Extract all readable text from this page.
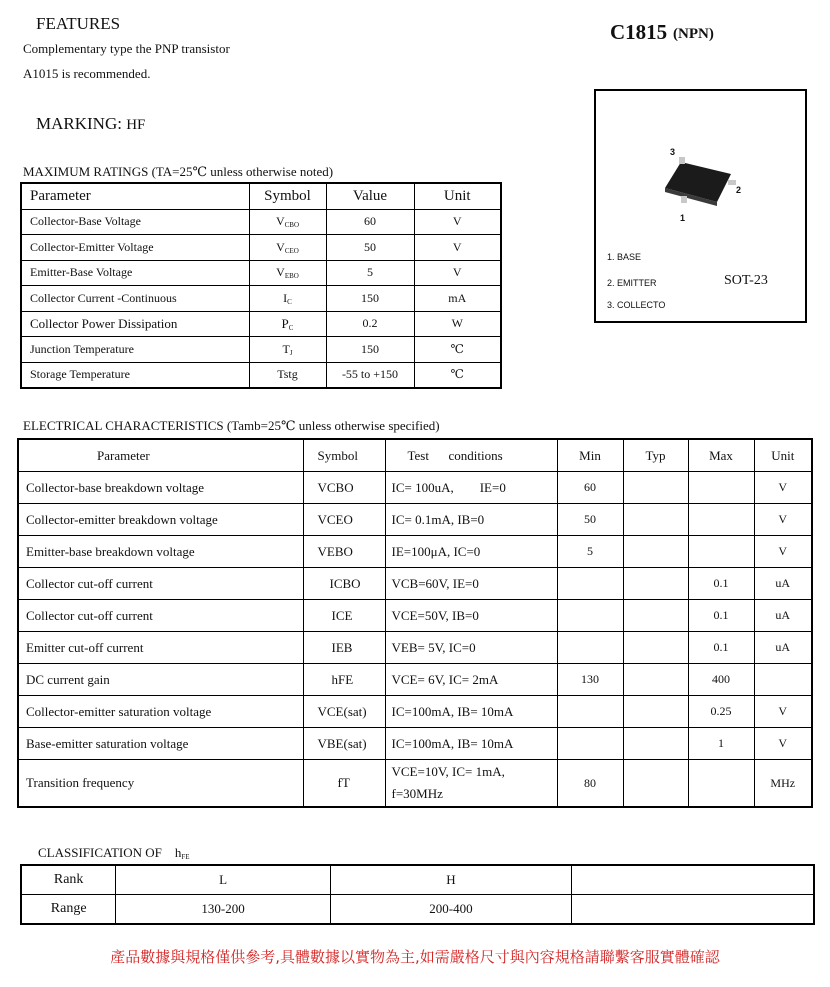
FEATURES
Complementary type the PNP transistor
A1015 is recommended.
C1815 (NPN)
MARKING: HF
3
2
1
1. BASE
2. EMITTER
3. COLLECTO
SOT-23
MAXIMUM RATINGS (TA=25℃ unless otherwise noted)
Parameter	Symbol	Value	Unit
Collector-Base Voltage	$V_{CBO}$	60	V
Collector-Emitter Voltage	$V_{CEO}$	50	V
Emitter-Base Voltage	$V_{EBO}$	5	V
Collector Current -Continuous	$I_C$	150	mA
Collector Power Dissipation	$P_C$	0.2	W
Junction Temperature	$T_J$	150	℃
Storage Temperature	Tstg	-55 to +150	℃
ELECTRICAL CHARACTERISTICS (Tamb=25℃ unless otherwise specified)
Parameter	Symbol	Test      conditions	Min	Typ	Max	Unit
Collector-base breakdown voltage	VCBO	IC= 100uA,        IE=0	60			V
Collector-emitter breakdown voltage	VCEO	IC= 0.1mA, IB=0	50			V
Emitter-base breakdown voltage	VEBO	IE=100μA, IC=0	5			V
Collector cut-off current	ICBO	VCB=60V, IE=0			0.1	uA
Collector cut-off current	ICE	VCE=50V, IB=0			0.1	uA
Emitter cut-off current	IEB	VEB= 5V, IC=0			0.1	uA
DC current gain	hFE	VCE= 6V, IC= 2mA	130		400	
Collector-emitter saturation voltage	VCE(sat)	IC=100mA, IB= 10mA			0.25	V
Base-emitter saturation voltage	VBE(sat)	IC=100mA, IB= 10mA			1	V
Transition frequency	fT	VCE=10V, IC= 1mA,
f=30MHz	80			MHz
CLASSIFICATION OF    $h_{FE}$
Rank	L	H	
Range	130-200	200-400	
產品數據與規格僅供參考,具體數據以實物為主,如需嚴格尺寸與內容規格請聯繫客服實體確認
